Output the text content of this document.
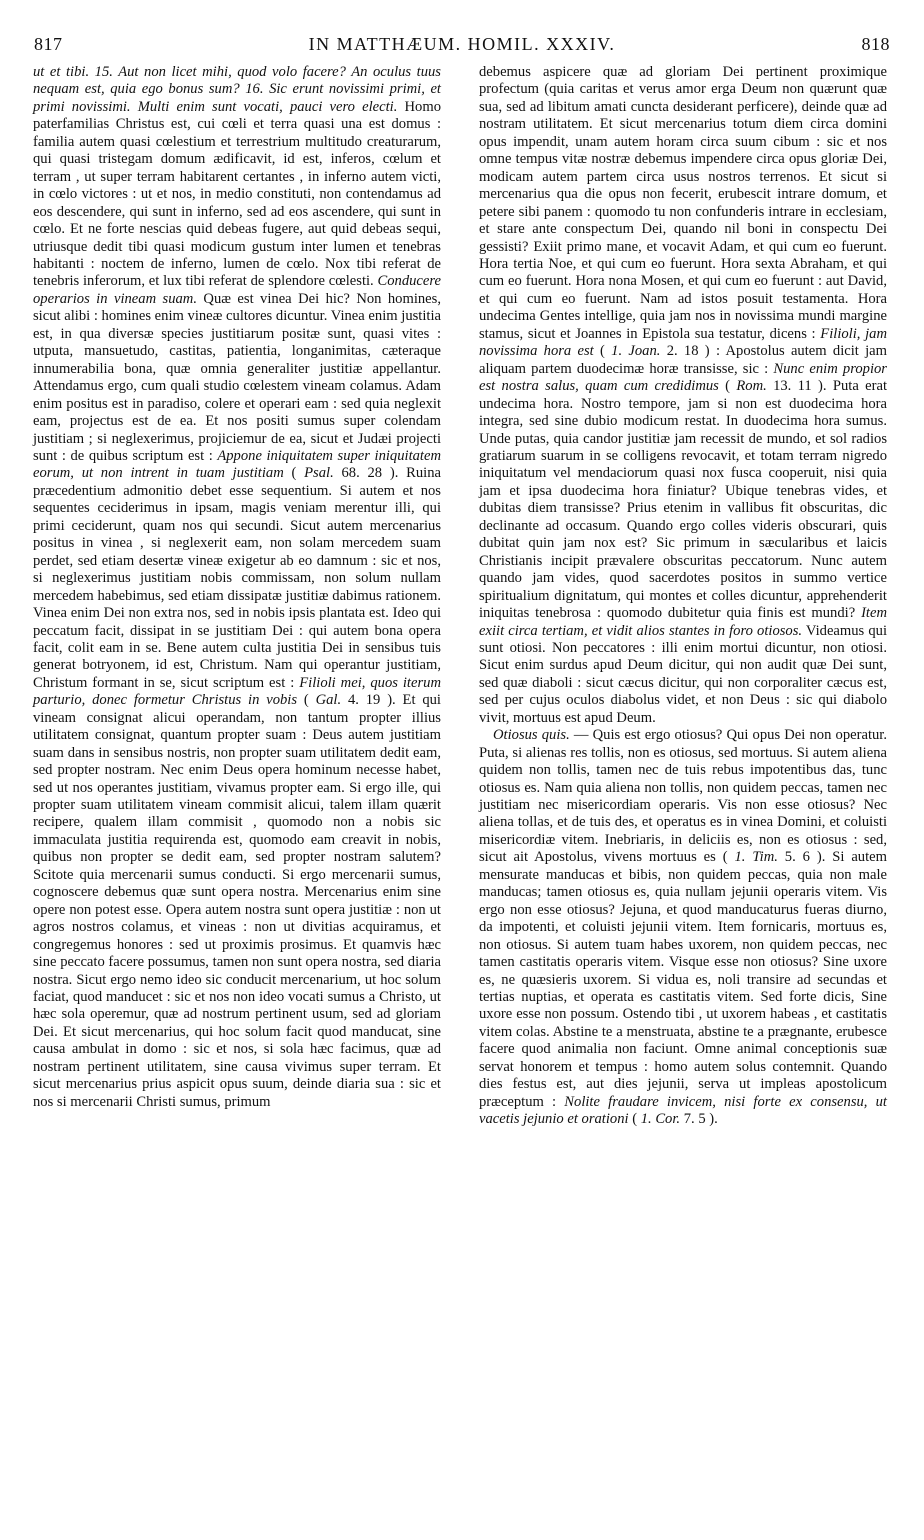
817	IN MATTHÆUM. HOMIL. XXXIV.	818

ut et tibi. 15. Aut non licet mihi, quod volo facere? An oculus tuus nequam est, quia ego bonus sum? 16. Sic erunt novissimi primi, et primi novissimi. Multi enim sunt vocati, pauci vero electi. Homo paterfamilias Christus est, cui cœli et terra quasi una est domus : familia autem quasi cœlestium et terrestrium multitudo creaturarum, qui quasi tristegam domum ædificavit, id est, inferos, cœlum et terram , ut super terram habitarent certantes , in inferno autem victi, in cœlo victores : ut et nos, in medio constituti, non contendamus ad eos descendere, qui sunt in inferno, sed ad eos ascendere, qui sunt in cœlo. Et ne forte nescias quid debeas fugere, aut quid debeas sequi, utriusque dedit tibi quasi modicum gustum inter lumen et tenebras habitanti : noctem de inferno, lumen de cœlo. Nox tibi referat de tenebris inferorum, et lux tibi referat de splendore cœlesti. Conducere operarios in vineam suam. Quæ est vinea Dei hic? Non homines, sicut alibi : homines enim vineæ cultores dicuntur. Vinea enim justitia est, in qua diversæ species justitiarum positæ sunt, quasi vites : utputa, mansuetudo, castitas, patientia, longanimitas, cæteraque innumerabilia bona, quæ omnia generaliter justitiæ appellantur. Attendamus ergo, cum quali studio cœlestem vineam colamus. Adam enim positus est in paradiso, colere et operari eam : sed quia neglexit eam, projectus est de ea. Et nos positi sumus super colendam justitiam ; si neglexerimus, projiciemur de ea, sicut et Judæi projecti sunt : de quibus scriptum est : Appone iniquitatem super iniquitatem eorum, ut non intrent in tuam justitiam ( Psal. 68. 28 ). Ruina præcedentium admonitio debet esse sequentium. Si autem et nos sequentes ceciderimus in ipsam, magis veniam merentur illi, qui primi ceciderunt, quam nos qui secundi. Sicut autem mercenarius positus in vinea , si neglexerit eam, non solam mercedem suam perdet, sed etiam desertæ vineæ exigetur ab eo damnum : sic et nos, si neglexerimus justitiam nobis commissam, non solum nullam mercedem habebimus, sed etiam dissipatæ justitiæ dabimus rationem. Vinea enim Dei non extra nos, sed in nobis ipsis plantata est. Ideo qui peccatum facit, dissipat in se justitiam Dei : qui autem bona opera facit, colit eam in se. Bene autem culta justitia Dei in sensibus tuis generat botryonem, id est, Christum. Nam qui operantur justitiam, Christum formant in se, sicut scriptum est : Filioli mei, quos iterum parturio, donec formetur Christus in vobis ( Gal. 4. 19 ). Et qui vineam consignat alicui operandam, non tantum propter illius utilitatem consignat, quantum propter suam : Deus autem justitiam suam dans in sensibus nostris, non propter suam utilitatem dedit eam, sed propter nostram. Nec enim Deus opera hominum necesse habet, sed ut nos operantes justitiam, vivamus propter eam. Si ergo ille, qui propter suam utilitatem vineam commisit alicui, talem illam quærit recipere, qualem illam commisit , quomodo non a nobis sic immaculata justitia requirenda est, quomodo eam creavit in nobis, quibus non propter se dedit eam, sed propter nostram salutem? Scitote quia mercenarii sumus conducti. Si ergo mercenarii sumus, cognoscere debemus quæ sunt opera nostra. Mercenarius enim sine opere non potest esse. Opera autem nostra sunt opera justitiæ : non ut agros nostros colamus, et vineas : non ut divitias acquiramus, et congregemus honores : sed ut proximis prosimus. Et quamvis hæc sine peccato facere possumus, tamen non sunt opera nostra, sed diaria nostra. Sicut ergo nemo ideo sic conducit mercenarium, ut hoc solum faciat, quod manducet : sic et nos non ideo vocati sumus a Christo, ut hæc sola operemur, quæ ad nostrum pertinent usum, sed ad gloriam Dei. Et sicut mercenarius, qui hoc solum facit quod manducat, sine causa ambulat in domo : sic et nos, si sola hæc facimus, quæ ad nostram pertinent utilitatem, sine causa vivimus super terram. Et sicut mercenarius prius aspicit opus suum, deinde diaria sua : sic et nos si mercenarii Christi sumus, primum

debemus aspicere quæ ad gloriam Dei pertinent proximique profectum (quia caritas et verus amor erga Deum non quærunt quæ sua, sed ad libitum amati cuncta desiderant perficere), deinde quæ ad nostram utilitatem. Et sicut mercenarius totum diem circa domini opus impendit, unam autem horam circa suum cibum : sic et nos omne tempus vitæ nostræ debemus impendere circa opus gloriæ Dei, modicam autem partem circa usus nostros terrenos. Et sicut si mercenarius qua die opus non fecerit, erubescit intrare domum, et petere sibi panem : quomodo tu non confunderis intrare in ecclesiam, et stare ante conspectum Dei, quando nil boni in conspectu Dei gessisti? Exiit primo mane, et vocavit Adam, et qui cum eo fuerunt. Hora tertia Noe, et qui cum eo fuerunt. Hora sexta Abraham, et qui cum eo fuerunt. Hora nona Mosen, et qui cum eo fuerunt : aut David, et qui cum eo fuerunt. Nam ad istos posuit testamenta. Hora undecima Gentes intellige, quia jam nos in novissima mundi margine stamus, sicut et Joannes in Epistola sua testatur, dicens : Filioli, jam novissima hora est ( 1. Joan. 2. 18 ) : Apostolus autem dicit jam aliquam partem duodecimæ horæ transisse, sic : Nunc enim propior est nostra salus, quam cum credidimus ( Rom. 13. 11 ). Puta erat undecima hora. Nostro tempore, jam si non est duodecima hora integra, sed sine dubio modicum restat. In duodecima hora sumus. Unde putas, quia candor justitiæ jam recessit de mundo, et sol radios gratiarum suarum in se colligens revocavit, et totam terram nigredo iniquitatum vel mendaciorum quasi nox fusca cooperuit, nisi quia jam et ipsa duodecima hora finiatur? Ubique tenebras vides, et dubitas diem transisse? Prius etenim in vallibus fit obscuritas, dic declinante ad occasum. Quando ergo colles videris obscurari, quis dubitat quin jam nox est? Sic primum in sæcularibus et laicis Christianis incipit prævalere obscuritas peccatorum. Nunc autem quando jam vides, quod sacerdotes positos in summo vertice spiritualium dignitatum, qui montes et colles dicuntur, apprehenderit iniquitas tenebrosa : quomodo dubitetur quia finis est mundi? Item exiit circa tertiam, et vidit alios stantes in foro otiosos. Videamus qui sunt otiosi. Non peccatores : illi enim mortui dicuntur, non otiosi. Sicut enim surdus apud Deum dicitur, qui non audit quæ Dei sunt, sed quæ diaboli : sicut cæcus dicitur, qui non corporaliter cæcus est, sed per cujus oculos diabolus videt, et non Deus : sic qui diabolo vivit, mortuus est apud Deum.

Otiosus quis. — Quis est ergo otiosus? Qui opus Dei non operatur. Puta, si alienas res tollis, non es otiosus, sed mortuus. Si autem aliena quidem non tollis, tamen nec de tuis rebus impotentibus das, tunc otiosus es. Nam quia aliena non tollis, non quidem peccas, tamen nec justitiam nec misericordiam operaris. Vis non esse otiosus? Nec aliena tollas, et de tuis des, et operatus es in vinea Domini, et coluisti misericordiæ vitem. Inebriaris, in deliciis es, non es otiosus : sed, sicut ait Apostolus, vivens mortuus es ( 1. Tim. 5. 6 ). Si autem mensurate manducas et bibis, non quidem peccas, quia non male manducas; tamen otiosus es, quia nullam jejunii operaris vitem. Vis ergo non esse otiosus? Jejuna, et quod manducaturus fueras diurno, da impotenti, et coluisti jejunii vitem. Item fornicaris, mortuus es, non otiosus. Si autem tuam habes uxorem, non quidem peccas, nec tamen castitatis operaris vitem. Visque esse non otiosus? Sine uxore es, ne quæsieris uxorem. Si vidua es, noli transire ad secundas et tertias nuptias, et operata es castitatis vitem. Sed forte dicis, Sine uxore esse non possum. Ostendo tibi , ut uxorem habeas , et castitatis vitem colas. Abstine te a menstruata, abstine te a prægnante, erubesce facere quod animalia non faciunt. Omne animal conceptionis suæ servat honorem et tempus : homo autem solus contemnit. Quando dies festus est, aut dies jejunii, serva ut impleas apostolicum præceptum : Nolite fraudare invicem, nisi forte ex consensu, ut vacetis jejunio et orationi ( 1. Cor. 7. 5 ).
